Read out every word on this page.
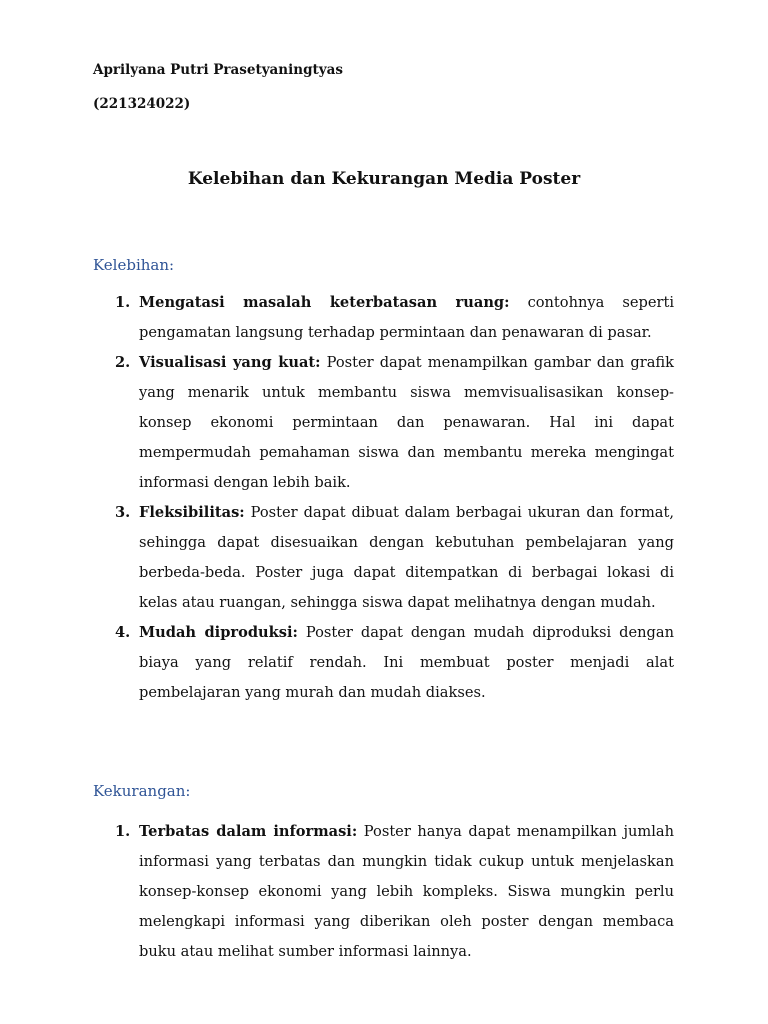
Aprilyana Putri Prasetyaningtyas

(221324022)

Kelebihan dan Kekurangan Media Poster
Kelebihan:
1. Mengatasi masalah keterbatasan ruang: contohnya seperti pengamatan langsung terhadap permintaan dan penawaran di pasar.
2. Visualisasi yang kuat: Poster dapat menampilkan gambar dan grafik yang menarik untuk membantu siswa memvisualisasikan konsep-konsep ekonomi permintaan dan penawaran. Hal ini dapat mempermudah pemahaman siswa dan membantu mereka mengingat informasi dengan lebih baik.
3. Fleksibilitas: Poster dapat dibuat dalam berbagai ukuran dan format, sehingga dapat disesuaikan dengan kebutuhan pembelajaran yang berbeda-beda. Poster juga dapat ditempatkan di berbagai lokasi di kelas atau ruangan, sehingga siswa dapat melihatnya dengan mudah.
4. Mudah diproduksi: Poster dapat dengan mudah diproduksi dengan biaya yang relatif rendah. Ini membuat poster menjadi alat pembelajaran yang murah dan mudah diakses.
Kekurangan:
1. Terbatas dalam informasi: Poster hanya dapat menampilkan jumlah informasi yang terbatas dan mungkin tidak cukup untuk menjelaskan konsep-konsep ekonomi yang lebih kompleks. Siswa mungkin perlu melengkapi informasi yang diberikan oleh poster dengan membaca buku atau melihat sumber informasi lainnya.
